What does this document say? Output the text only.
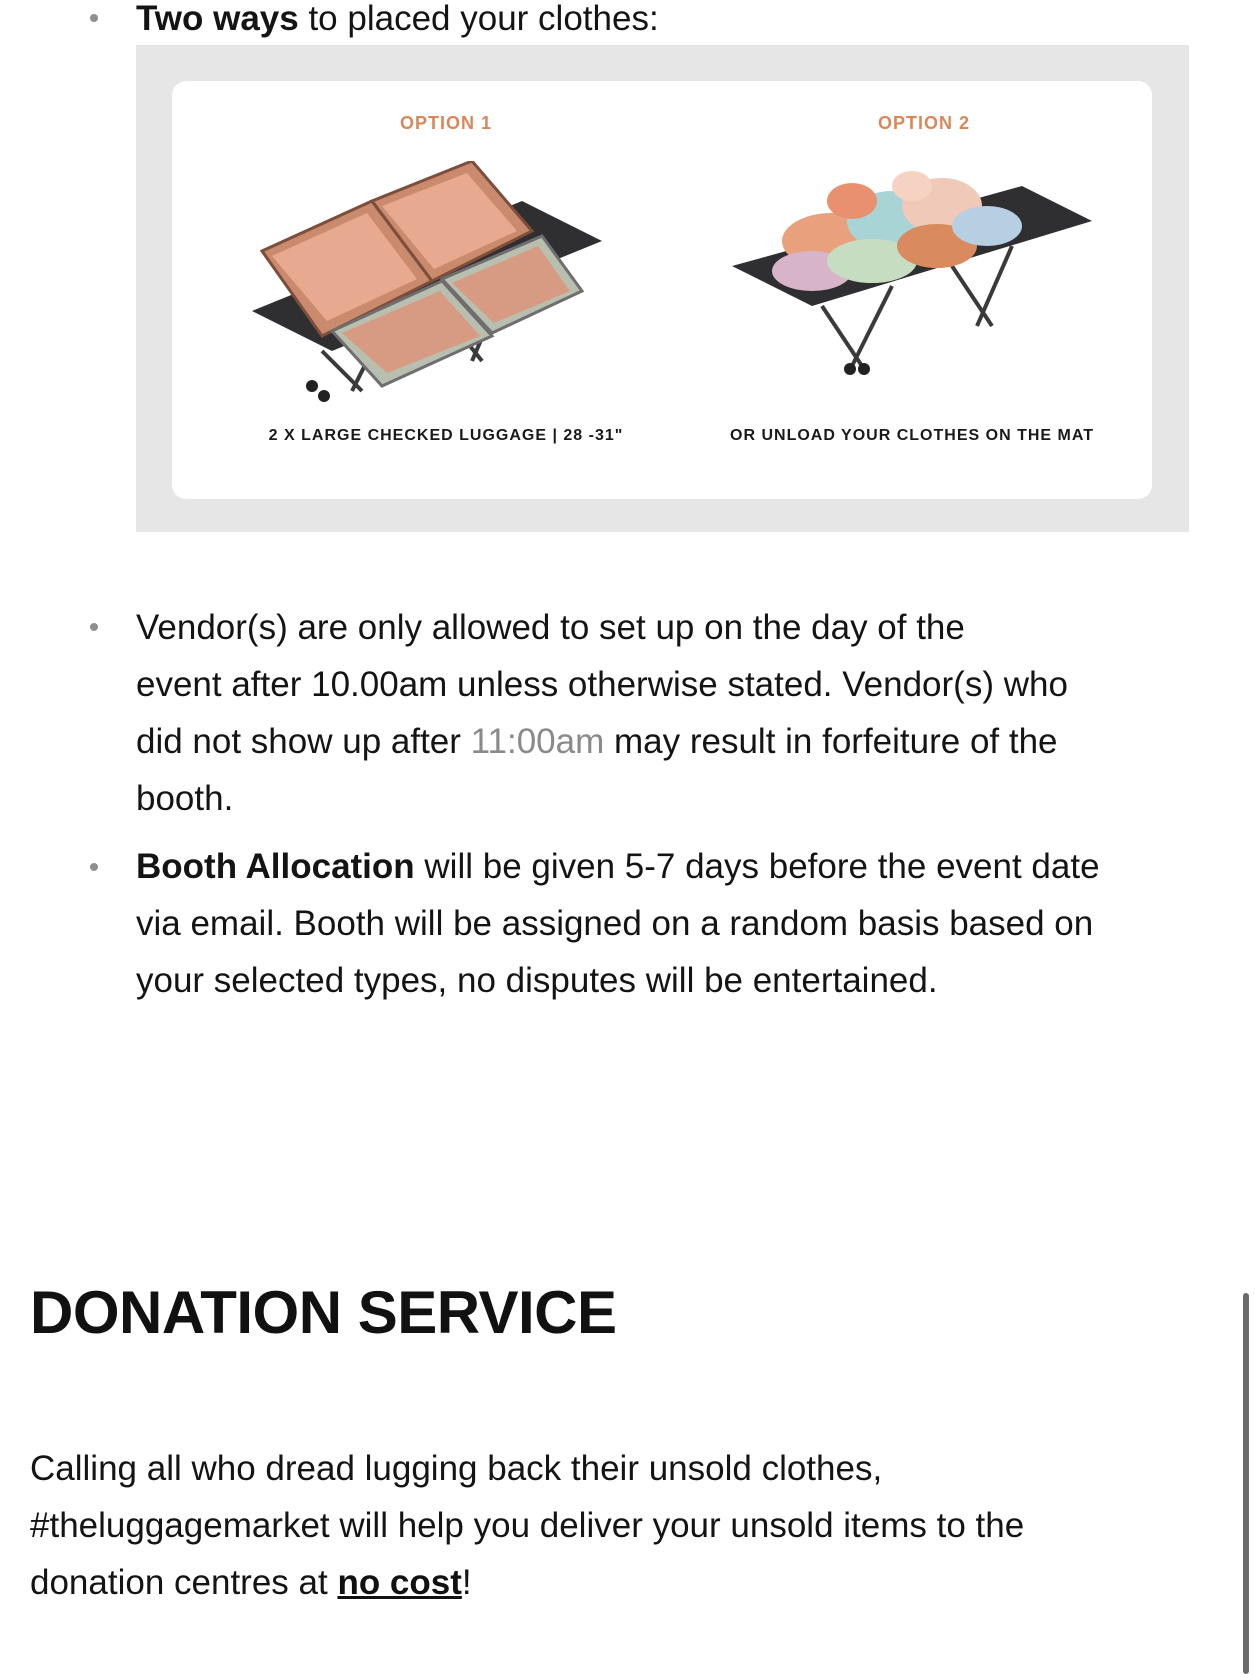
Two ways to placed your clothes:
OPTION 1	OPTION 2
2 X LARGE CHECKED LUGGAGE | 28 -31"	OR UNLOAD YOUR CLOTHES ON THE MAT
Vendor(s) are only allowed to set up on the day of the
event after 10.00am unless otherwise stated. Vendor(s) who
did not show up after 11:00am may result in forfeiture of the
booth.
Booth Allocation will be given 5-7 days before the event date
via email. Booth will be assigned on a random basis based on
your selected types, no disputes will be entertained.
DONATION SERVICE
Calling all who dread lugging back their unsold clothes,
#theluggagemarket will help you deliver your unsold items to the
donation centres at no cost!
